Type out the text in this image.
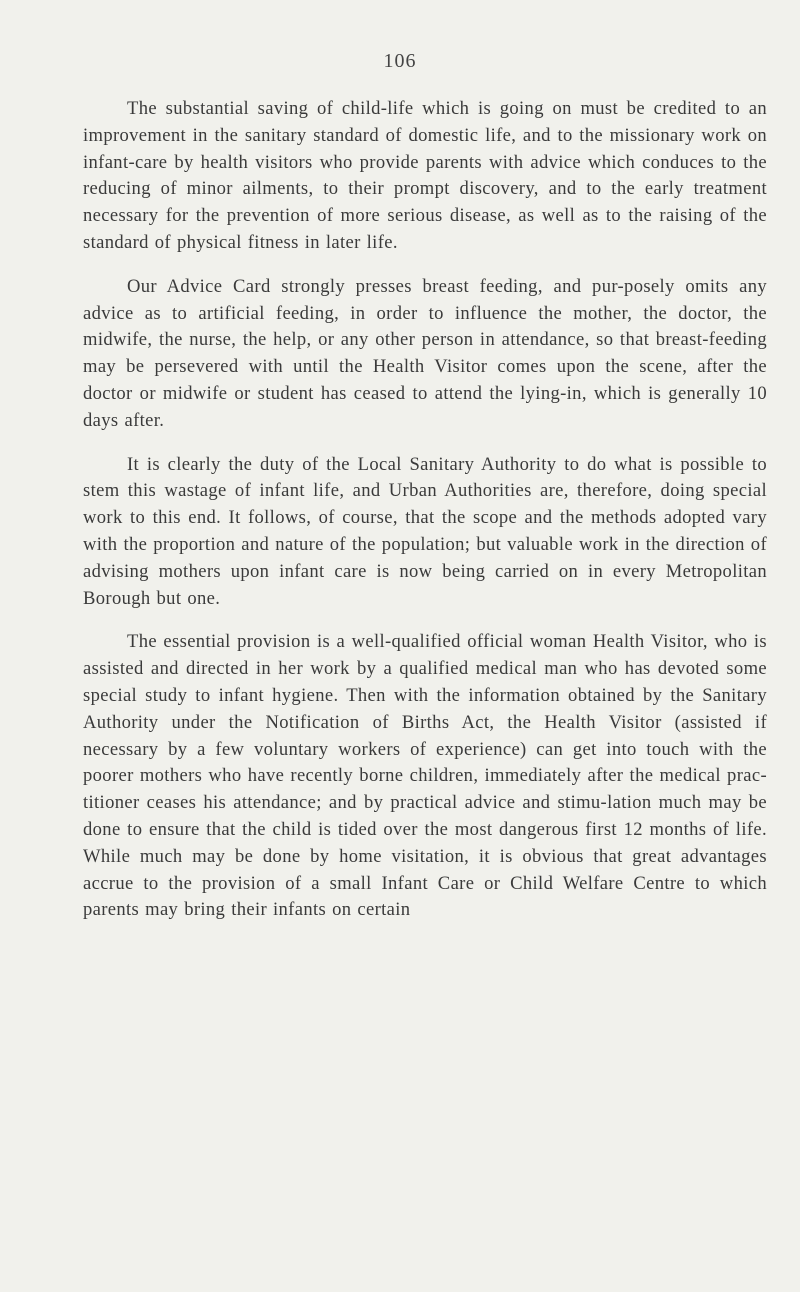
106

The substantial saving of child-life which is going on must be credited to an improvement in the sanitary standard of domestic life, and to the missionary work on infant-care by health visitors who provide parents with advice which conduces to the reducing of minor ailments, to their prompt discovery, and to the early treatment necessary for the prevention of more serious disease, as well as to the raising of the standard of physical fitness in later life.

Our Advice Card strongly presses breast feeding, and pur-posely omits any advice as to artificial feeding, in order to influence the mother, the doctor, the midwife, the nurse, the help, or any other person in attendance, so that breast-feeding may be persevered with until the Health Visitor comes upon the scene, after the doctor or midwife or student has ceased to attend the lying-in, which is generally 10 days after.

It is clearly the duty of the Local Sanitary Authority to do what is possible to stem this wastage of infant life, and Urban Authorities are, therefore, doing special work to this end. It follows, of course, that the scope and the methods adopted vary with the proportion and nature of the population; but valuable work in the direction of advising mothers upon infant care is now being carried on in every Metropolitan Borough but one.

The essential provision is a well-qualified official woman Health Visitor, who is assisted and directed in her work by a qualified medical man who has devoted some special study to infant hygiene. Then with the information obtained by the Sanitary Authority under the Notification of Births Act, the Health Visitor (assisted if necessary by a few voluntary workers of experience) can get into touch with the poorer mothers who have recently borne children, immediately after the medical prac-titioner ceases his attendance; and by practical advice and stimu-lation much may be done to ensure that the child is tided over the most dangerous first 12 months of life. While much may be done by home visitation, it is obvious that great advantages accrue to the provision of a small Infant Care or Child Welfare Centre to which parents may bring their infants on certain
